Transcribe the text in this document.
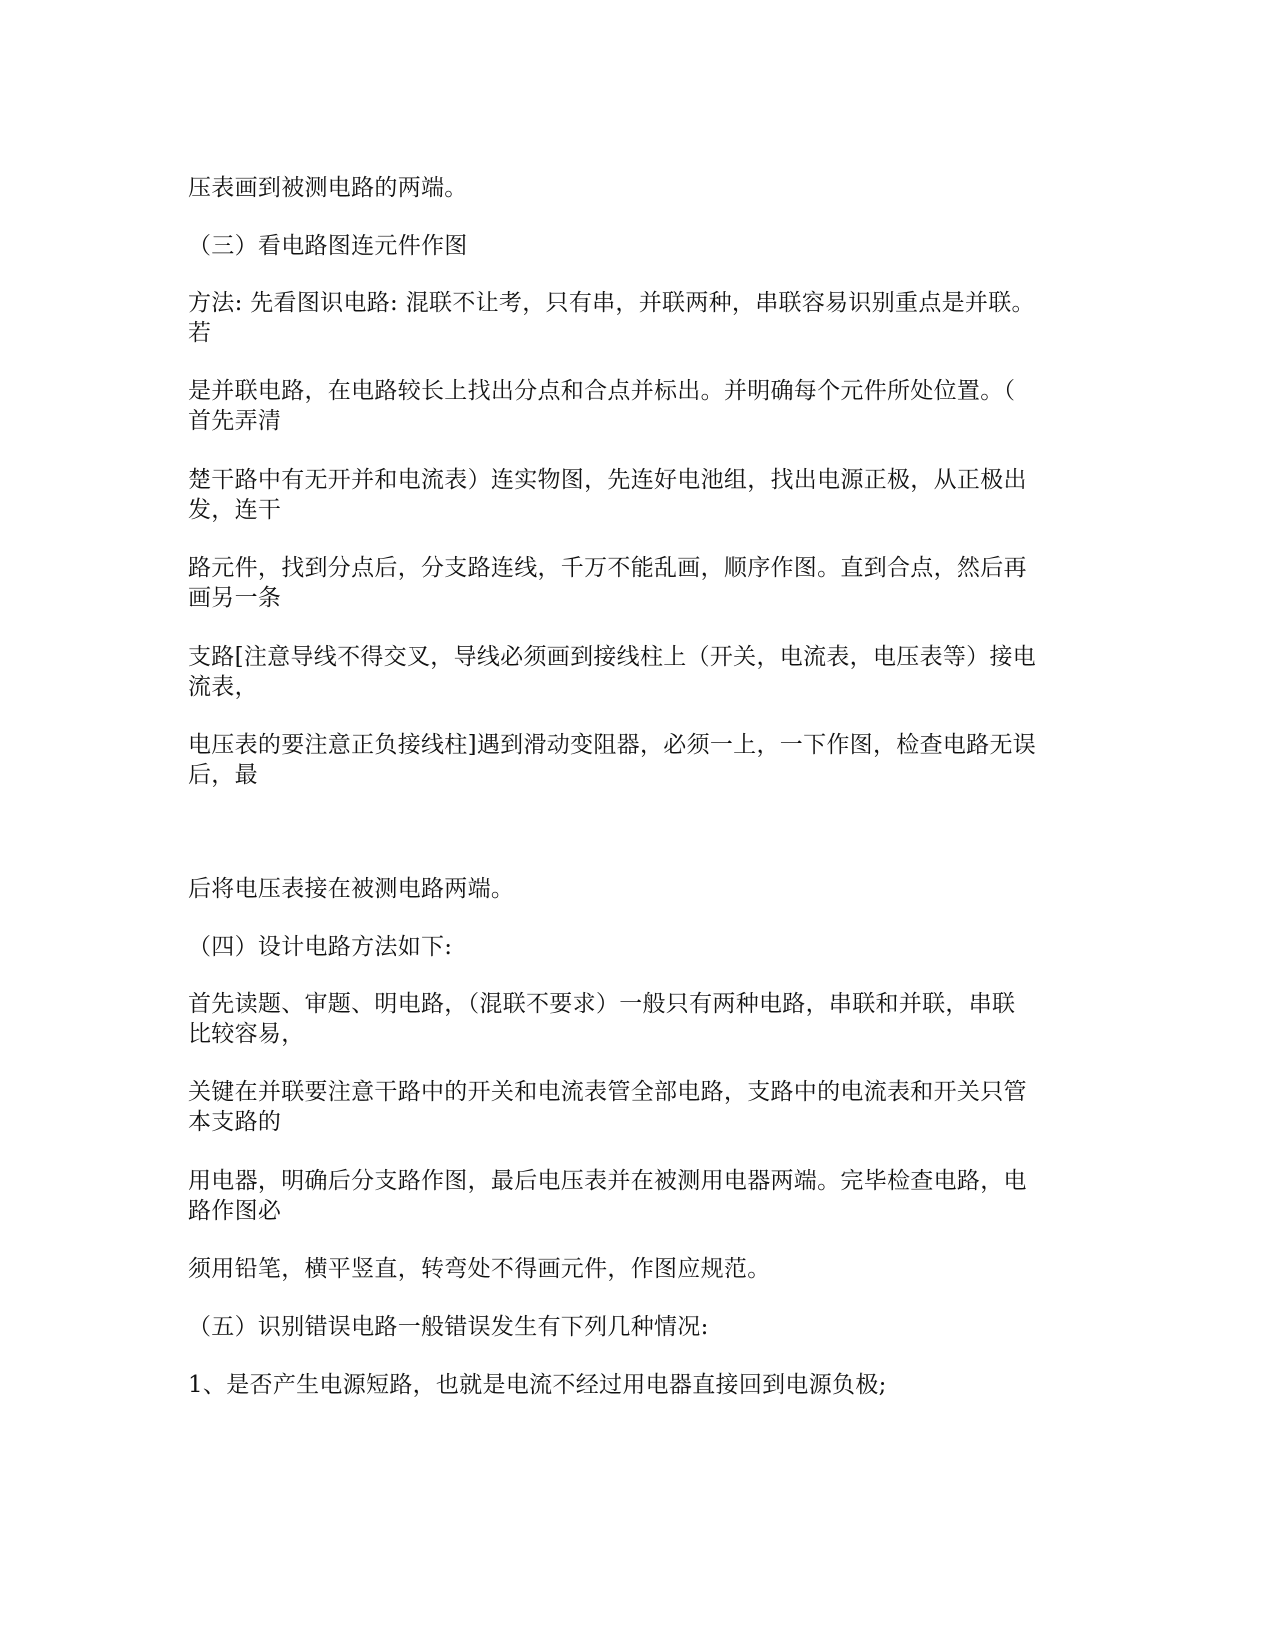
压表画到被测电路的两端。

（三）看电路图连元件作图

方法: 先看图识电路: 混联不让考，只有串，并联两种，串联容易识别重点是并联。
若

是并联电路，在电路较长上找出分点和合点并标出。并明确每个元件所处位置。（
首先弄清

楚干路中有无开并和电流表）连实物图，先连好电池组，找出电源正极，从正极出
发，连干

路元件，找到分点后，分支路连线，千万不能乱画，顺序作图。直到合点，然后再
画另一条

支路[注意导线不得交叉，导线必须画到接线柱上（开关，电流表，电压表等）接电
流表，

电压表的要注意正负接线柱]遇到滑动变阻器，必须一上，一下作图，检查电路无误
后，最

后将电压表接在被测电路两端。

（四）设计电路方法如下:

首先读题、审题、明电路，（混联不要求）一般只有两种电路，串联和并联，串联
比较容易，

关键在并联要注意干路中的开关和电流表管全部电路，支路中的电流表和开关只管
本支路的

用电器，明确后分支路作图，最后电压表并在被测用电器两端。完毕检查电路，电
路作图必

须用铅笔，横平竖直，转弯处不得画元件，作图应规范。

（五）识别错误电路一般错误发生有下列几种情况:

1、是否产生电源短路，也就是电流不经过用电器直接回到电源负极;
